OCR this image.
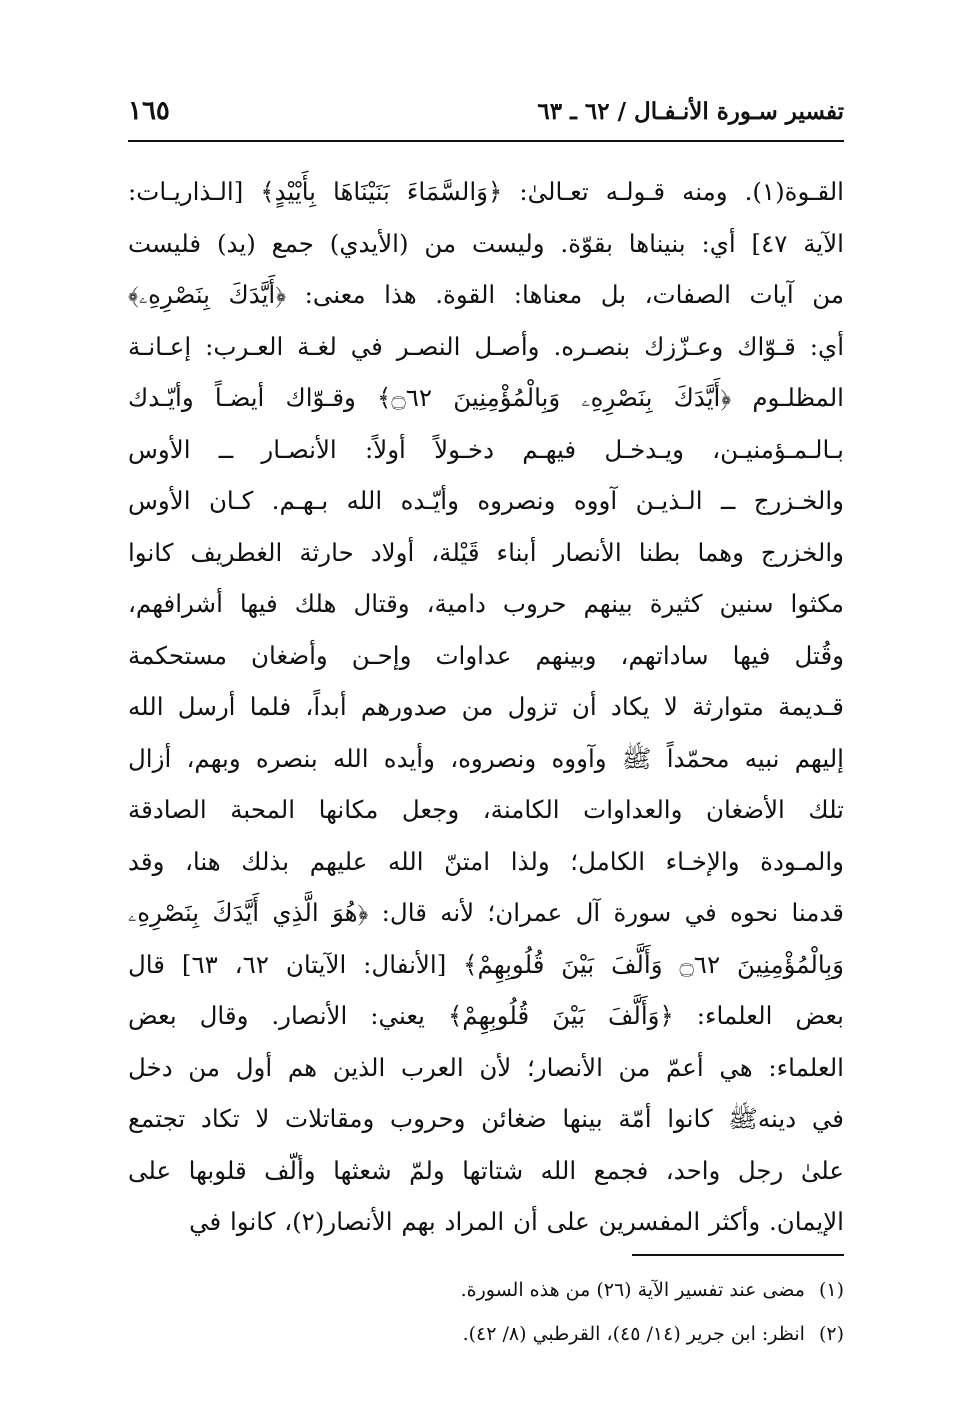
تفسير سـورة الأنـفـال / ٦٢ ـ ٦٣
١٦٥
القـوة(١). ومنه قـولـه تعـالىٰ: ﴿وَالسَّمَاءَ بَنَيْنَاهَا بِأَيْيْدٍ﴾ [الـذاريـات:
الآية ٤٧] أي: بنيناها بقوّة. وليست من (الأيدي) جمع (يد) فليست
من آيات الصفات، بل معناها: القوة. هذا معنى: ﴿أَيَّدَكَ بِنَصْرِهِۦ﴾
أي: قـوّاك وعـزّزك بنصـره. وأصـل النصـر في لغـة العـرب: إعـانـة
المظلـوم ﴿أَيَّدَكَ بِنَصْرِهِۦ وَبِالْمُؤْمِنِينَ ۝٦٢﴾ وقـوّاك أيضـاً وأيّـدك
بـالـمـؤمنيـن، ويـدخـل فيهـم دخـولاً أولاً: الأنصـار ــ الأوس
والخـزرج ــ الـذيـن آووه ونصروه وأيّـده الله بـهـم. كـان الأوس
والخزرج وهما بطنا الأنصار أبناء قَيْلة، أولاد حارثة الغطريف كانوا
مكثوا سنين كثيرة بينهم حروب دامية، وقتال هلك فيها أشرافهم،
وقُتل فيها ساداتهم، وبينهم عداوات وإحـن وأضغان مستحكمة
قـديمة متوارثة لا يكاد أن تزول من صدورهم أبداً، فلما أرسل الله
إليهم نبيه محمّداً ﷺ وآووه ونصروه، وأيده الله بنصره وبهم، أزال
تلك الأضغان والعداوات الكامنة، وجعل مكانها المحبة الصادقة
والمـودة والإخـاء الكامل؛ ولذا امتنّ الله عليهم بذلك هنا، وقد
قدمنا نحوه في سورة آل عمران؛ لأنه قال: ﴿هُوَ الَّذِي أَيَّدَكَ بِنَصْرِهِۦ
وَبِالْمُؤْمِنِينَ ۝٦٢ وَأَلَّفَ بَيْنَ قُلُوبِهِمْ﴾ [الأنفال: الآيتان ٦٢، ٦٣] قال
بعض العلماء: ﴿وَأَلَّفَ بَيْنَ قُلُوبِهِمْ﴾ يعني: الأنصار. وقال بعض
العلماء: هي أعمّ من الأنصار؛ لأن العرب الذين هم أول من دخل
في دينهﷺ كانوا أمّة بينها ضغائن وحروب ومقاتلات لا تكاد تجتمع
علىٰ رجل واحد، فجمع الله شتاتها ولمّ شعثها وألّف قلوبها على
الإيمان. وأكثر المفسرين على أن المراد بهم الأنصار(٢)، كانوا في
(١)مضى عند تفسير الآية (٢٦) من هذه السورة.
(٢)انظر: ابن جرير (١٤/ ٤٥)، القرطبي (٨/ ٤٢).
